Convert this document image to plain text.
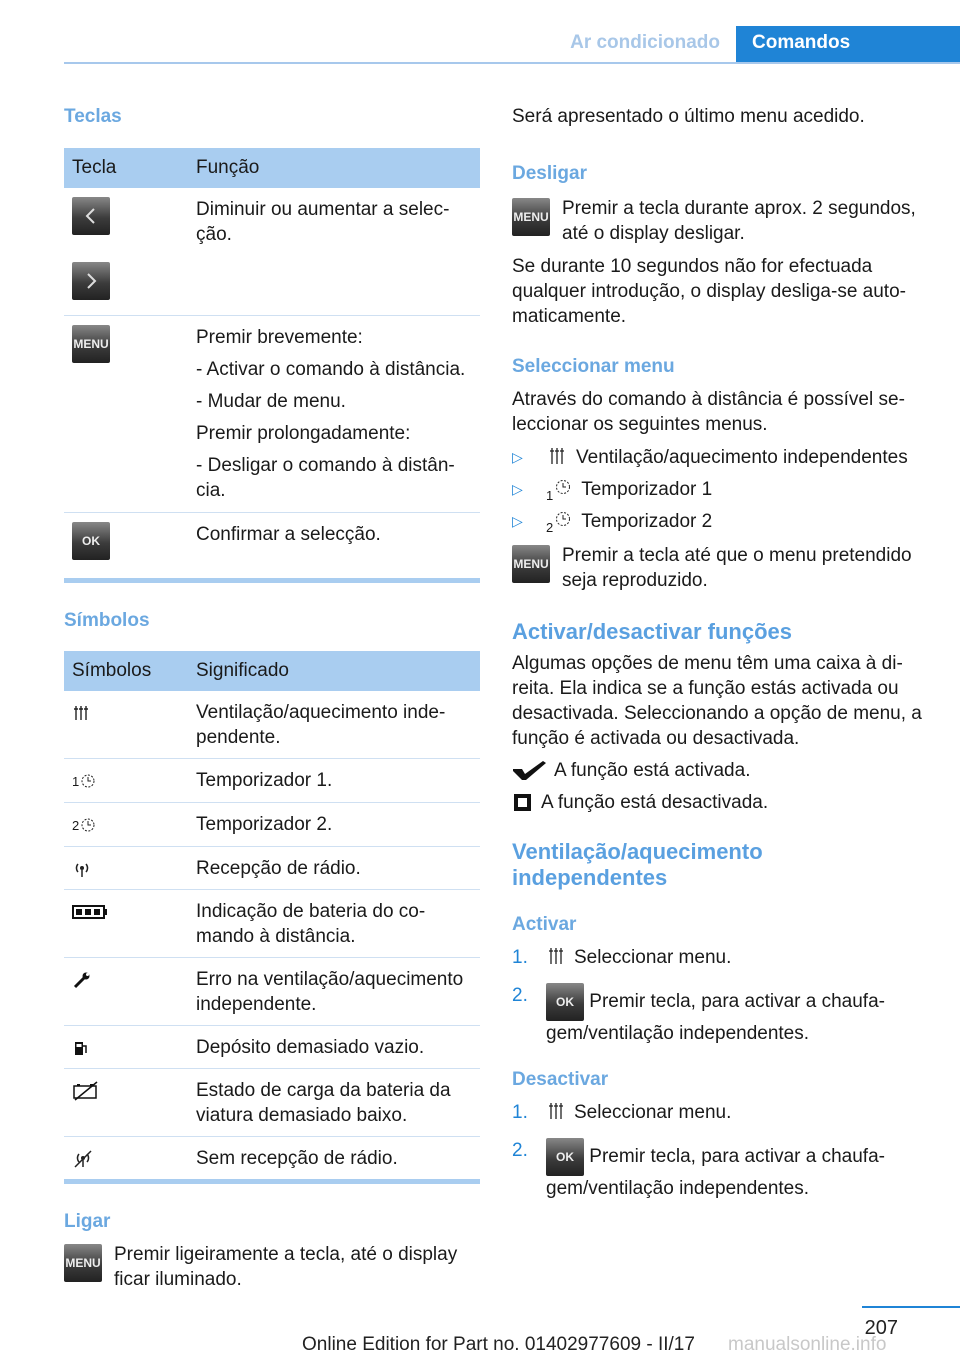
Ar condicionado	Comandos
Teclas
Tecla	Função

Diminuir ou aumentar a selecção.

MENU	Premir brevemente:

- Activar o comando à distância.

- Mudar de menu.

Premir prolongadamente:

- Desligar o comando à distância.

OK	Confirmar a selecção.

Símbolos
Símbolos	Significado
	Ventilação/aquecimento independente.
1	Temporizador 1.
2	Temporizador 2.
	Recepção de rádio.
	Indicação de bateria do comando à distância.
	Erro na ventilação/aquecimento independente.
	Depósito demasiado vazio.
	Estado de carga da bateria da viatura demasiado baixo.
	Sem recepção de rádio.
Ligar
MENU Premir ligeiramente a tecla, até o display ficar iluminado.

Será apresentado o último menu acedido.

Desligar
MENU Premir a tecla durante aprox. 2 segundos, até o display desligar.

Se durante 10 segundos não for efectuada qualquer introdução, o display desliga-se automaticamente.

Seleccionar menu

Através do comando à distância é possível seleccionar os seguintes menus.

▷	Ventilação/aquecimento independentes
▷	1 Temporizador 1
▷	2 Temporizador 2
MENU Premir a tecla até que o menu pretendido seja reproduzido.

Activar/desactivar funções

Algumas opções de menu têm uma caixa à direita. Ela indica se a função estás activada ou desactivada. Seleccionando a opção de menu, a função é activada ou desactivada.

A função está activada.
A função está desactivada.
Ventilação/aquecimento
independentes
Activar
1.	Seleccionar menu.
2.	OK Premir tecla, para activar a chaufagem/ventilação independentes.
Desactivar
1.	Seleccionar menu.
2.	OK Premir tecla, para activar a chaufagem/ventilação independentes.
207
Online Edition for Part no. 01402977609 - II/17 manualsonline.info
